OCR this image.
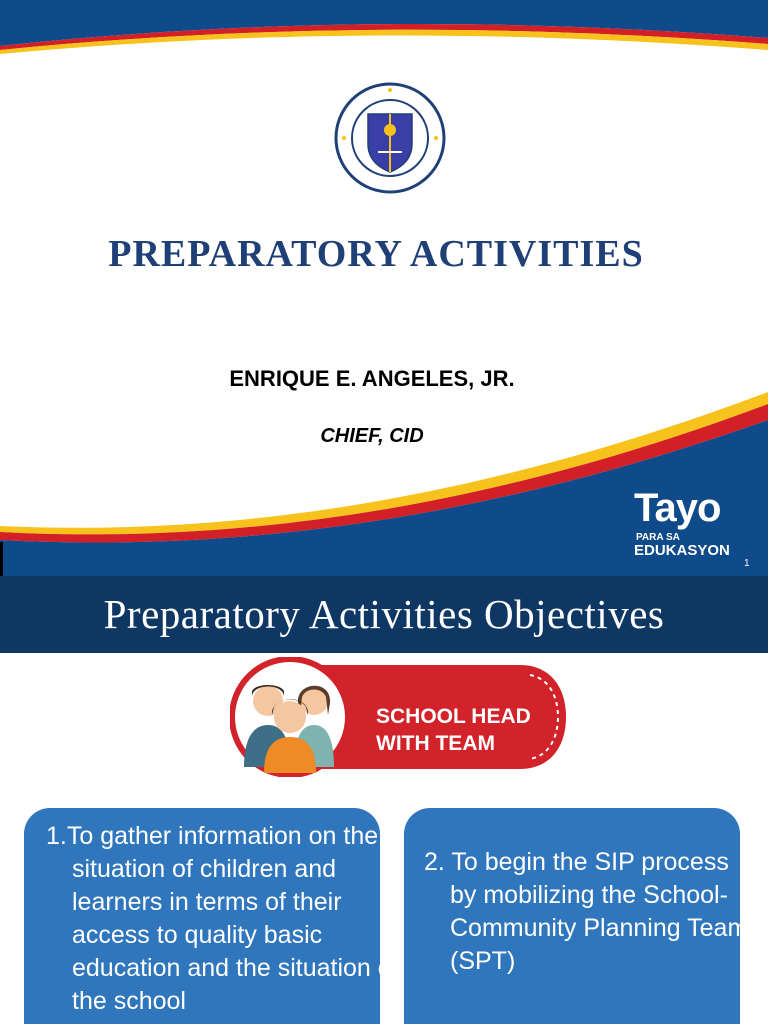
PREPARATORY ACTIVITIES
ENRIQUE E. ANGELES, JR.
CHIEF, CID
Tayo
PARA SA
EDUKASYON
1
Preparatory Activities Objectives
SCHOOL HEAD
WITH TEAM
1.To gather information on the situation of children and learners in terms of their access to quality basic education and the situation of the school
2. To begin the SIP process by mobilizing the School-Community Planning Team (SPT)
